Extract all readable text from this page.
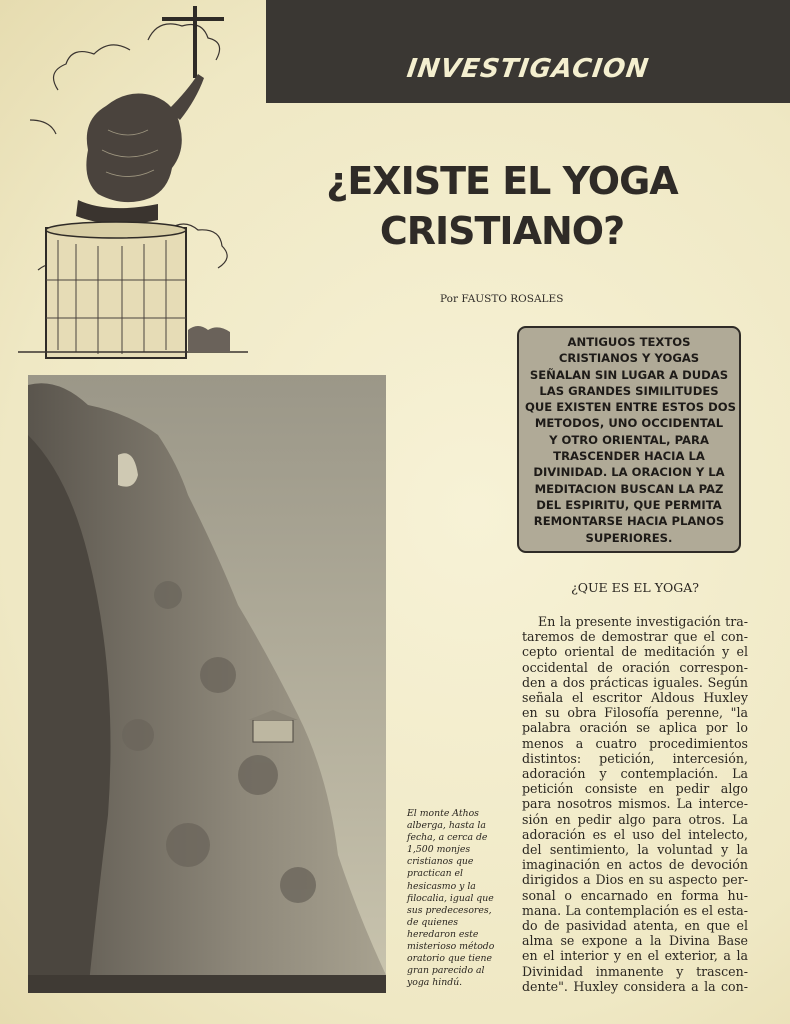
INVESTIGACION
¿EXISTE EL YOGA
CRISTIANO?
Por FAUSTO ROSALES
ANTIGUOS TEXTOS
CRISTIANOS Y YOGAS
SEÑALAN SIN LUGAR A DUDAS
LAS GRANDES SIMILITUDES
QUE EXISTEN ENTRE ESTOS DOS
METODOS, UNO OCCIDENTAL
Y OTRO ORIENTAL, PARA
TRASCENDER HACIA LA
DIVINIDAD. LA ORACION Y LA
MEDITACION BUSCAN LA PAZ
DEL ESPIRITU, QUE PERMITA
REMONTARSE HACIA PLANOS
SUPERIORES.
El monte Athos
alberga, hasta la
fecha, a cerca de
1,500 monjes
cristianos que
practican el
hesicasmo y la
filocalia, igual que
sus predecesores,
de quienes
heredaron este
misterioso método
oratorio que tiene
gran parecido al
yoga hindú.
¿QUE ES EL YOGA?
En la presente investigación tra-
taremos de demostrar que el con-
cepto oriental de meditación y el
occidental de oración correspon-
den a dos prácticas iguales. Según
señala el escritor Aldous Huxley
en su obra Filosofía perenne, "la
palabra oración se aplica por lo
menos a cuatro procedimientos
distintos: petición, intercesión,
adoración y contemplación. La
petición consiste en pedir algo
para nosotros mismos. La interce-
sión en pedir algo para otros. La
adoración es el uso del intelecto,
del sentimiento, la voluntad y la
imaginación en actos de devoción
dirigidos a Dios en su aspecto per-
sonal o encarnado en forma hu-
mana. La contemplación es el esta-
do de pasividad atenta, en que el
alma se expone a la Divina Base
en el interior y en el exterior, a la
Divinidad inmanente y trascen-
dente". Huxley considera a la con-
